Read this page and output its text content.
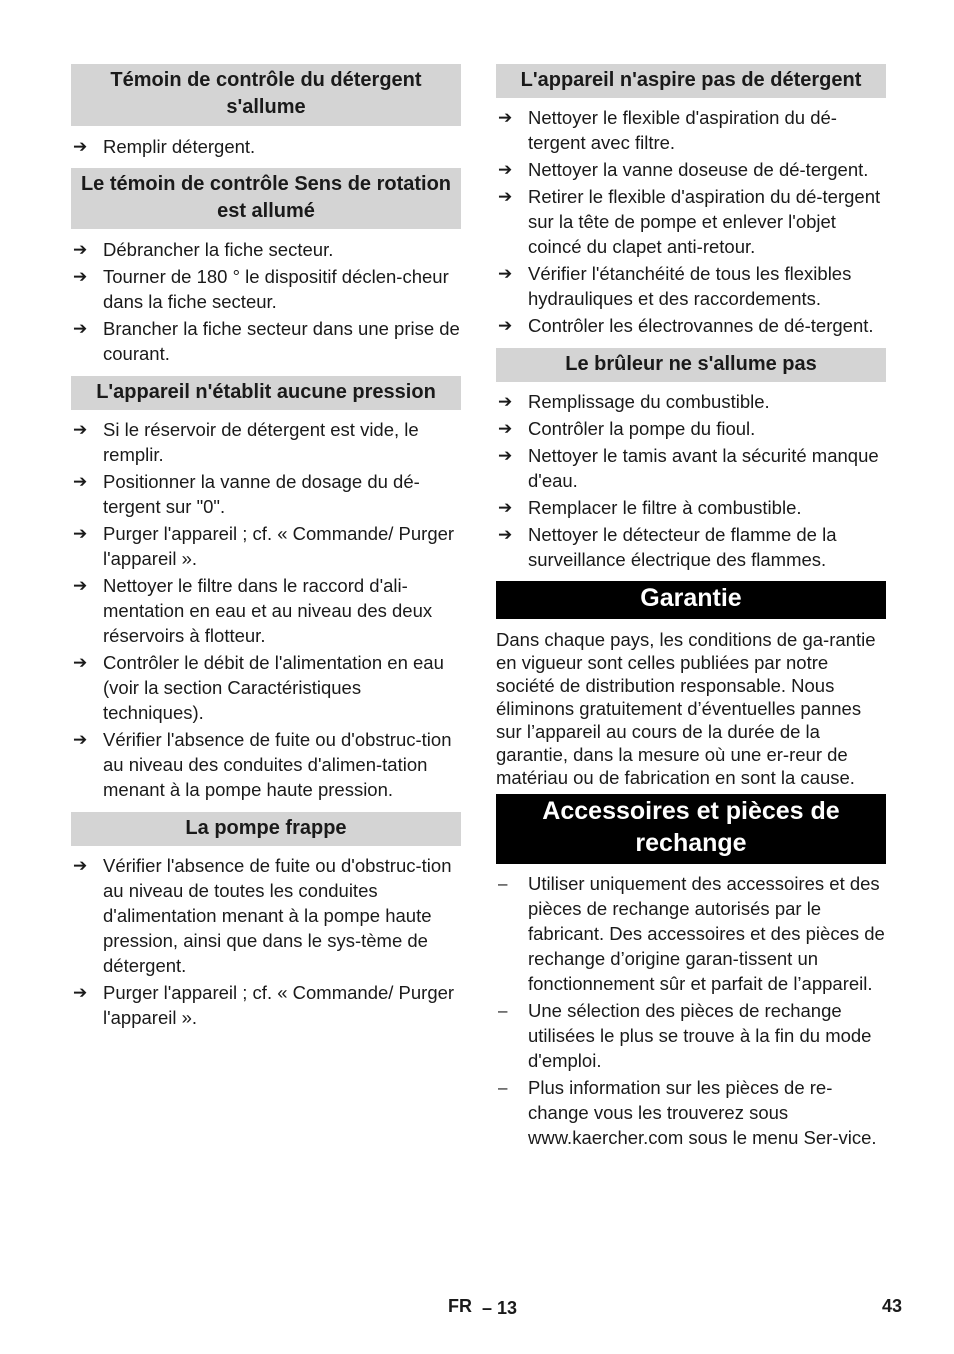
Témoin de contrôle du détergent s'allume
➔ Remplir détergent.
Le témoin de contrôle Sens de rotation est allumé
➔ Débrancher la fiche secteur.
➔ Tourner de 180 ° le dispositif déclen-cheur dans la fiche secteur.
➔ Brancher la fiche secteur dans une prise de courant.
L'appareil n'établit aucune pression
➔ Si le réservoir de détergent est vide, le remplir.
➔ Positionner la vanne de dosage du dé-tergent sur "0".
➔ Purger l'appareil ; cf. « Commande/ Purger l'appareil ».
➔ Nettoyer le filtre dans le raccord d'ali-mentation en eau et au niveau des deux réservoirs à flotteur.
➔ Contrôler le débit de l'alimentation en eau (voir la section Caractéristiques techniques).
➔ Vérifier l'absence de fuite ou d'obstruc-tion au niveau des conduites d'alimen-tation menant à la pompe haute pression.
La pompe frappe
➔ Vérifier l'absence de fuite ou d'obstruc-tion au niveau de toutes les conduites d'alimentation menant à la pompe haute pression, ainsi que dans le sys-tème de détergent.
➔ Purger l'appareil ; cf. « Commande/ Purger l'appareil ».
L'appareil n'aspire pas de détergent
➔ Nettoyer le flexible d'aspiration du dé-tergent avec filtre.
➔ Nettoyer la vanne doseuse de dé-tergent.
➔ Retirer le flexible d'aspiration du dé-tergent sur la tête de pompe et enlever l'objet coincé du clapet anti-retour.
➔ Vérifier l'étanchéité de tous les flexibles hydrauliques et des raccordements.
➔ Contrôler les électrovannes de dé-tergent.
Le brûleur ne s'allume pas
➔ Remplissage du combustible.
➔ Contrôler la pompe du fioul.
➔ Nettoyer le tamis avant la sécurité manque d'eau.
➔ Remplacer le filtre à combustible.
➔ Nettoyer le détecteur de flamme de la surveillance électrique des flammes.
Garantie

Dans chaque pays, les conditions de ga-rantie en vigueur sont celles publiées par notre société de distribution responsable. Nous éliminons gratuitement d’éventuelles pannes sur l’appareil au cours de la durée de la garantie, dans la mesure où une er-reur de matériau ou de fabrication en sont la cause.

Accessoires et pièces de rechange
–	Utiliser uniquement des accessoires et des pièces de rechange autorisés par le fabricant. Des accessoires et des pièces de rechange d’origine garan-tissent un fonctionnement sûr et parfait de l’appareil.
–	Une sélection des pièces de rechange utilisées le plus se trouve à la fin du mode d'emploi.
–	Plus information sur les pièces de re-change vous les trouverez sous www.kaercher.com sous le menu Ser-vice.
FR – 13	43
